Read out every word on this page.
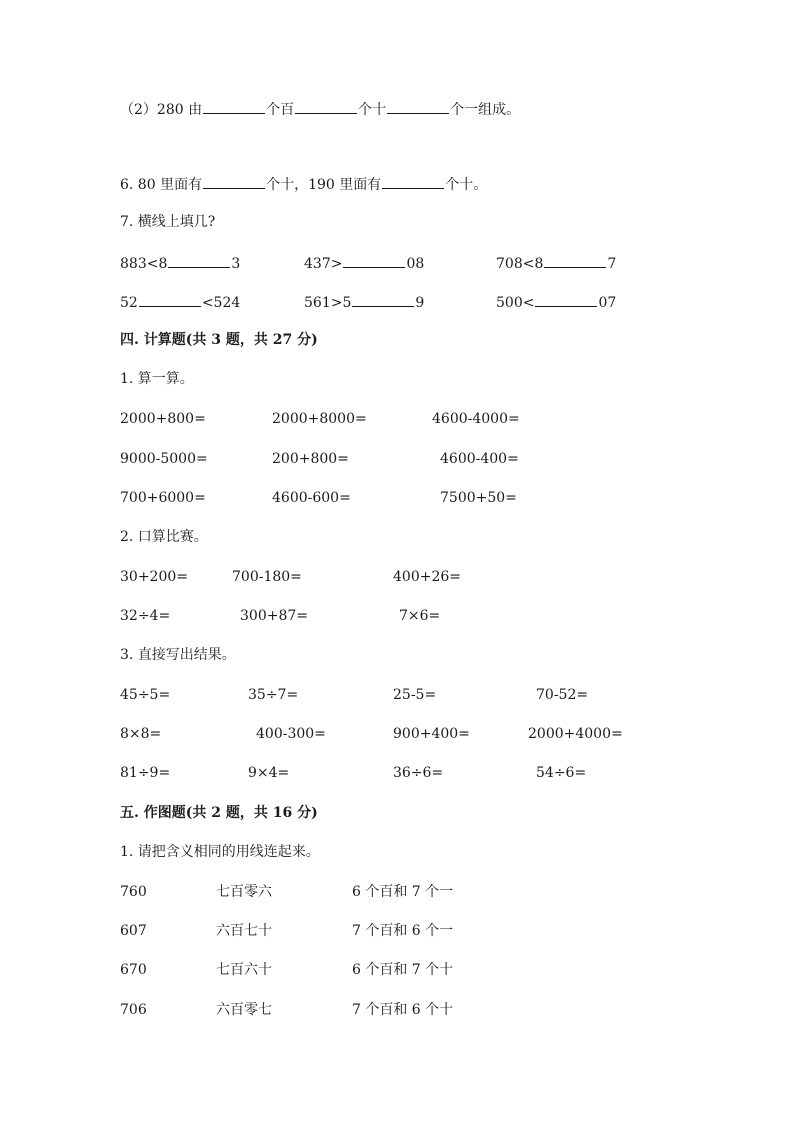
（2）280 由	个百	个十	个一组成。
6. 80 里面有	个十，190 里面有	个十。
7. 横线上填几?
883<8	3	437>	08	708<8	7
52	<524	561>5	9	500<	07
四. 计算题(共 3 题，共 27 分)
1. 算一算。
2000+800=	2000+8000=	4600-4000=
9000-5000=	200+800=	4600-400=
700+6000=	4600-600=	7500+50=
2. 口算比赛。
30+200=	700-180=	400+26=
32÷4=	300+87=	7×6=
3. 直接写出结果。
45÷5=	35÷7=	25-5=	70-52=
8×8=	400-300=	900+400=	2000+4000=
81÷9=	9×4=	36÷6=	54÷6=
五. 作图题(共 2 题，共 16 分)
1. 请把含义相同的用线连起来。
760	七百零六	6 个百和 7 个一
607	六百七十	7 个百和 6 个一
670	七百六十	6 个百和 7 个十
706	六百零七	7 个百和 6 个十
